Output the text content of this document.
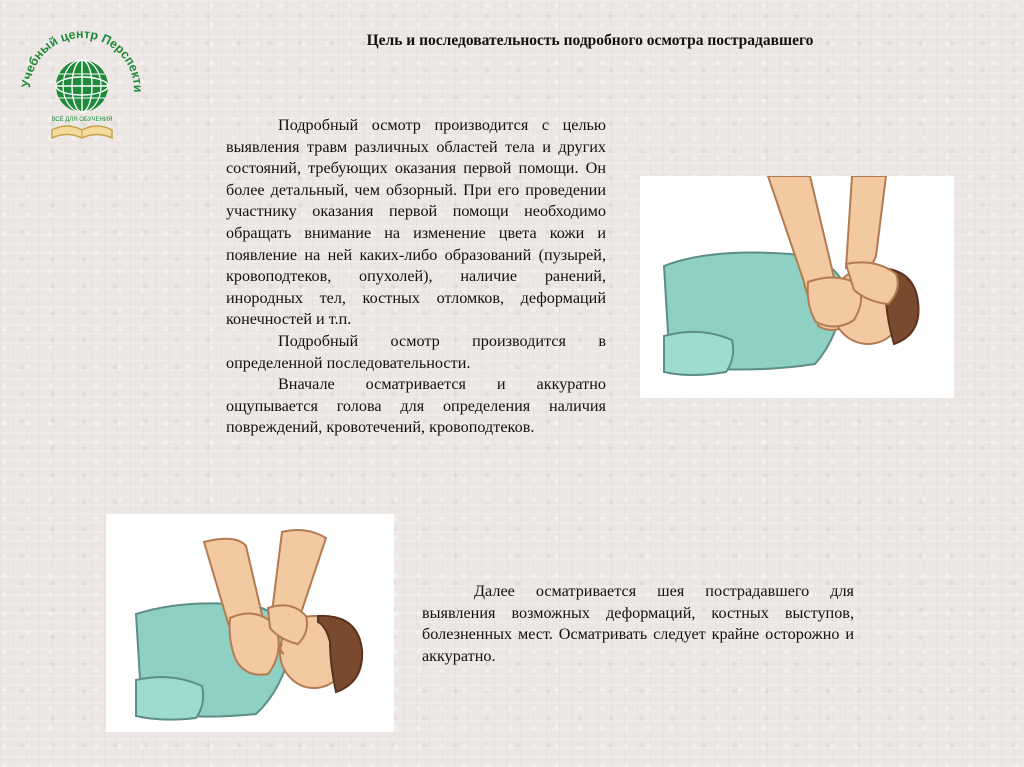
Учебный центр Перспекти
ВСЁ ДЛЯ ОБУЧЕНИЯ
Цель и последовательность подробного осмотра пострадавшего

Подробный осмотр производится с целью выявления травм различных областей тела и других состояний, требующих оказания первой помощи. Он более детальный, чем обзорный. При его проведении участнику оказания первой помощи необходимо обращать внимание на изменение цвета кожи и появление на ней каких-либо образований (пузырей, кровоподтеков, опухолей), наличие ранений, инородных тел, костных отломков, деформаций конечностей и т.п.

Подробный осмотр производится в определенной последовательности.

Вначале осматривается и аккуратно ощупывается голова для определения наличия повреждений, кровотечений, кровоподтеков.

Далее осматривается шея пострадавшего для выявления возможных деформаций, костных выступов, болезненных мест. Осматривать следует крайне осторожно и аккуратно.
